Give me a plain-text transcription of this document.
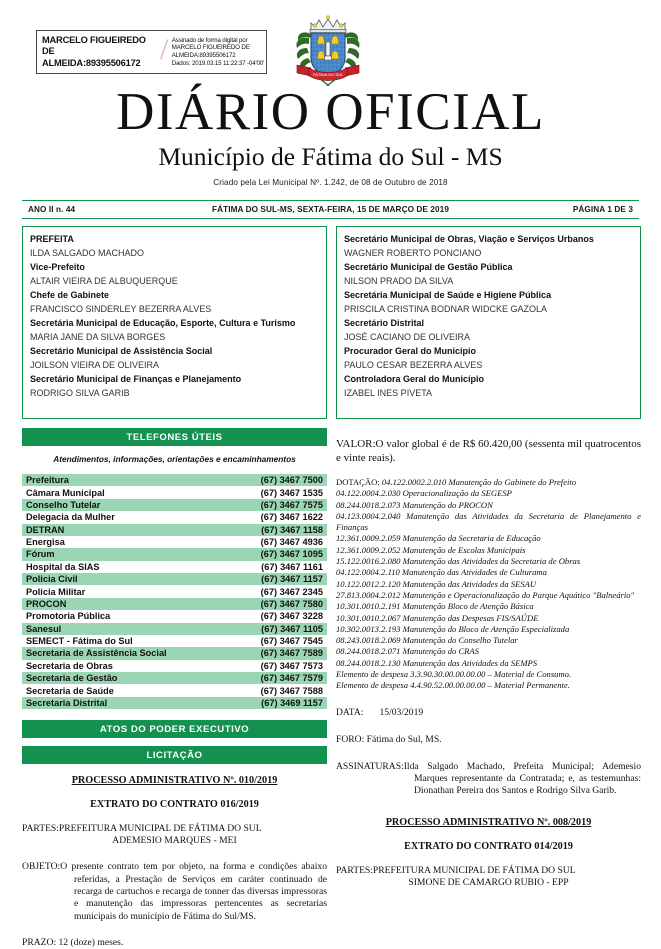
MARCELO FIGUEIREDO DE
ALMEIDA:89395506172 / Assinado de forma digital por
MARCELO FIGUEIREDO DE
ALMEIDA:89395506172
Dados: 2019.03.15 11:22:37 -04'00'
FÁTIMA DO SUL
DIÁRIO OFICIAL
Município de Fátima do Sul - MS
Criado pela Lei Municipal Nº. 1.242, de 08 de Outubro de 2018
ANO II n. 44	FÁTIMA DO SUL-MS, SEXTA-FEIRA, 15 DE MARÇO DE 2019	PÁGINA 1 DE 3
PREFEITA
ILDA SALGADO MACHADO
Vice-Prefeito
ALTAIR VIEIRA DE ALBUQUERQUE
Chefe de Gabinete
FRANCISCO SINDERLEY BEZERRA ALVES
Secretária Municipal de Educação, Esporte, Cultura e Turismo
MARIA JANE DA SILVA BORGES
Secretário Municipal de Assistência Social
JOILSON VIEIRA DE OLIVEIRA
Secretário Municipal de Finanças e Planejamento
RODRIGO SILVA GARIB
TELEFONES ÚTEIS
Atendimentos, informações, orientações e encaminhamentos
Prefeitura	(67) 3467 7500
Câmara Municipal	(67) 3467 1535
Conselho Tutelar	(67) 3467 7575
Delegacia da Mulher	(67) 3467 1622
DETRAN	(67) 3467 1158
Energisa	(67) 3467 4936
Fórum	(67) 3467 1095
Hospital da SIAS	(67) 3467 1161
Policia Civil	(67) 3467 1157
Policia Militar	(67) 3467 2345
PROCON	(67) 3467 7580
Promotoria Pública	(67) 3467 3228
Sanesul	(67) 3467 1105
SEMECT - Fátima do Sul	(67) 3467 7545
Secretaria de Assistência Social	(67) 3467 7589
Secretaria de Obras	(67) 3467 7573
Secretaria de Gestão	(67) 3467 7579
Secretaria de Saúde	(67) 3467 7588
Secretaria Distrital	(67) 3469 1157
ATOS DO PODER EXECUTIVO
LICITAÇÃO
PROCESSO ADMINISTRATIVO Nº. 010/2019
EXTRATO DO CONTRATO 016/2019
PARTES:PREFEITURA MUNICIPAL DE FÁTIMA DO SUL
ADEMESIO MARQUES - MEI
OBJETO:O presente contrato tem por objeto, na forma e condições abaixo referidas, a Prestação de Serviços em caráter continuado de recarga de cartuchos e recarga de tonner das diversas impressoras e manutenção das impressoras pertencentes as secretarias municipais do município de Fátima do Sul/MS.
PRAZO: 12 (doze) meses.
Secretário Municipal de Obras, Viação e Serviços Urbanos
WAGNER ROBERTO PONCIANO
Secretário Municipal de Gestão Pública
NILSON PRADO DA SILVA
Secretária Municipal de Saúde e Higiene Pública
PRISCILA CRISTINA BODNAR WIDCKE GAZOLA
Secretário Distrital
JOSÉ CACIANO DE OLIVEIRA
Procurador Geral do Município
PAULO CESAR BEZERRA ALVES
Controladora Geral do Município
IZABEL INES PIVETA
VALOR:O valor global é de R$ 60.420,00 (sessenta mil quatrocentos e vinte reais).
DOTAÇÃO: 04.122.0002.2.010 Manutenção do Gabinete do Prefeito
04.122.0004.2.030 Operacionalização da SEGESP
08.244.0018.2.073 Manutenção do PROCON

04.123.0004.2.040 Manutenção das Atividades da Secretaria de Planejamento e Finanças
12.361.0009.2.059 Manutenção da Secretaria de Educação
12.361.0009.2.052 Manutenção de Escolas Municipais
15.122.0016.2.080 Manutenção das Atividades da Secretaria de Obras
04.122.0004.2.110 Manutenção das Atividades de Culturama
10.122.0012.2.120 Manutenção das Atividades da SESAU

27.813.0004.2.012 Manutenção e Operacionalização do Parque Aquático "Balneário"
10.301.0010.2.191 Manutenção Bloco de Atenção Básica
10.301.0010.2.067 Manutenção das Despesas FIS/SAÚDE
10.302.0013.2.193 Manutenção do Bloco de Atenção Especializada
08.243.0018.2.069 Manutenção do Conselho Tutelar
08.244.0018.2.071 Manutenção do CRAS
08.244.0018.2.130 Manutenção das Atividades da SEMPS
Elemento de despesa 3.3.90.30.00.00.00.00 – Material de Consumo.
Elemento de despesa 4.4.90.52.00.00.00.00 – Material Permanente.
DATA: 15/03/2019
FORO: Fátima do Sul, MS.
ASSINATURAS:Ilda Salgado Machado, Prefeita Municipal; Ademesio Marques representante da Contratada; e, as testemunhas: Dionathan Pereira dos Santos e Rodrigo Silva Garib.
PROCESSO ADMINISTRATIVO Nº. 008/2019
EXTRATO DO CONTRATO 014/2019
PARTES:PREFEITURA MUNICIPAL DE FÁTIMA DO SUL
SIMONE DE CAMARGO RUBIO - EPP
